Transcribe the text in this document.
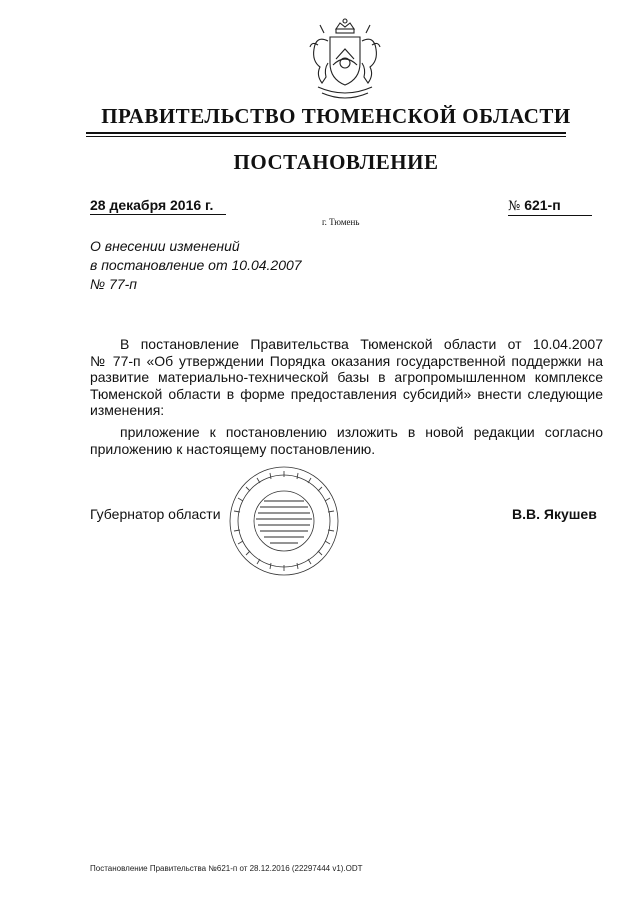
ПРАВИТЕЛЬСТВО ТЮМЕНСКОЙ ОБЛАСТИ
ПОСТАНОВЛЕНИЕ
28 декабря 2016 г.	№ 621-п
г. Тюмень
О внесении изменений
в постановление от 10.04.2007
№ 77-п
В постановление Правительства Тюменской области от 10.04.2007
№ 77-п «Об утверждении Порядка оказания государственной поддержки на
развитие материально-технической базы в агропромышленном комплексе
Тюменской области в форме предоставления субсидий» внести следующие
изменения:
приложение к постановлению изложить в новой редакции согласно
приложению к настоящему постановлению.
Губернатор области	В.В. Якушев
Постановление Правительства №621-п от 28.12.2016 (22297444 v1).ODT
